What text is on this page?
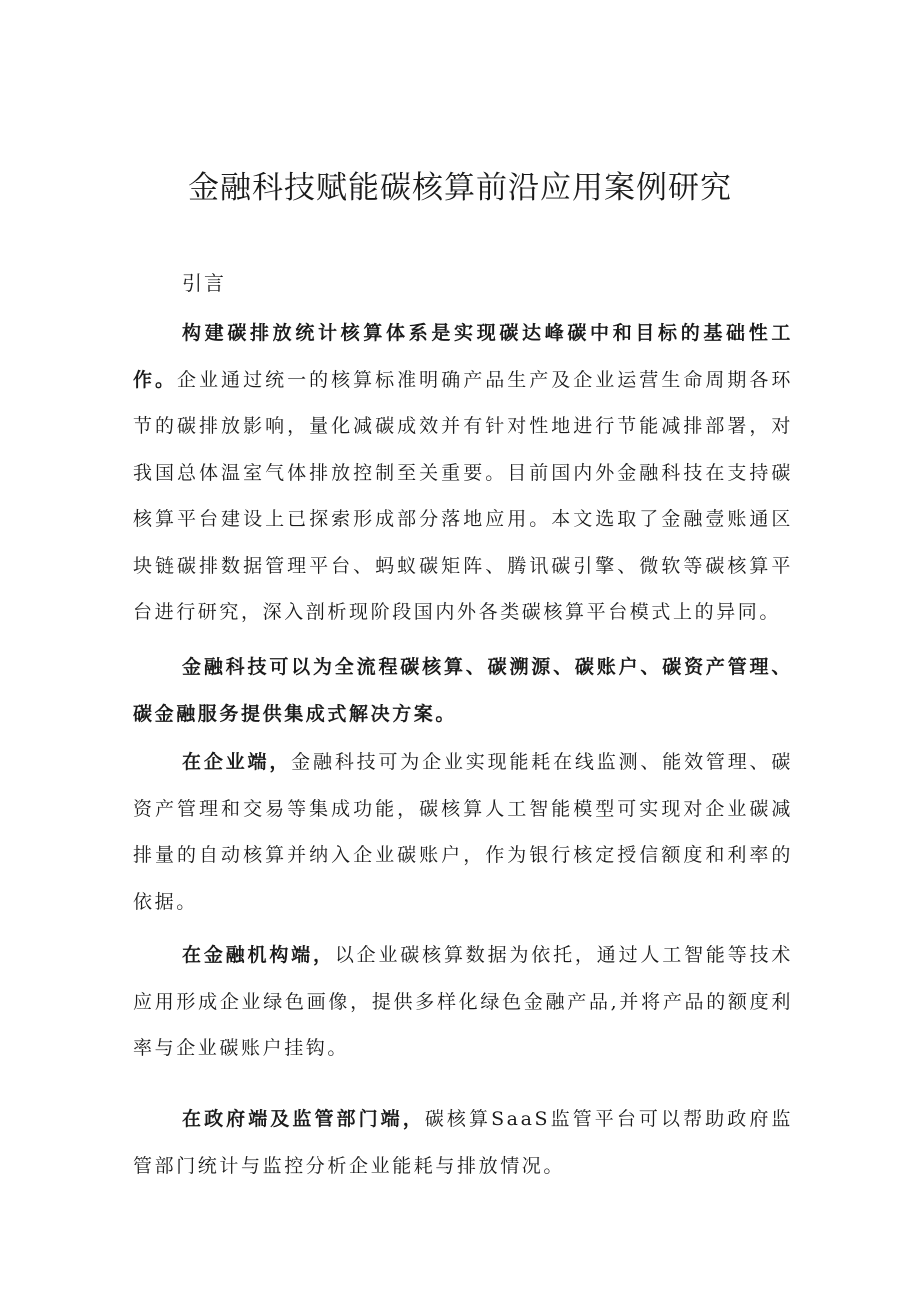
金融科技赋能碳核算前沿应用案例研究
引言

构建碳排放统计核算体系是实现碳达峰碳中和目标的基础性工作。企业通过统一的核算标准明确产品生产及企业运营生命周期各环节的碳排放影响，量化减碳成效并有针对性地进行节能减排部署，对我国总体温室气体排放控制至关重要。目前国内外金融科技在支持碳核算平台建设上已探索形成部分落地应用。本文选取了金融壹账通区块链碳排数据管理平台、蚂蚁碳矩阵、腾讯碳引擎、微软等碳核算平台进行研究，深入剖析现阶段国内外各类碳核算平台模式上的异同。

金融科技可以为全流程碳核算、碳溯源、碳账户、碳资产管理、碳金融服务提供集成式解决方案。

在企业端，金融科技可为企业实现能耗在线监测、能效管理、碳资产管理和交易等集成功能，碳核算人工智能模型可实现对企业碳减排量的自动核算并纳入企业碳账户，作为银行核定授信额度和利率的依据。

在金融机构端，以企业碳核算数据为依托，通过人工智能等技术应用形成企业绿色画像，提供多样化绿色金融产品,并将产品的额度利率与企业碳账户挂钩。

在政府端及监管部门端，碳核算SaaS监管平台可以帮助政府监管部门统计与监控分析企业能耗与排放情况。
